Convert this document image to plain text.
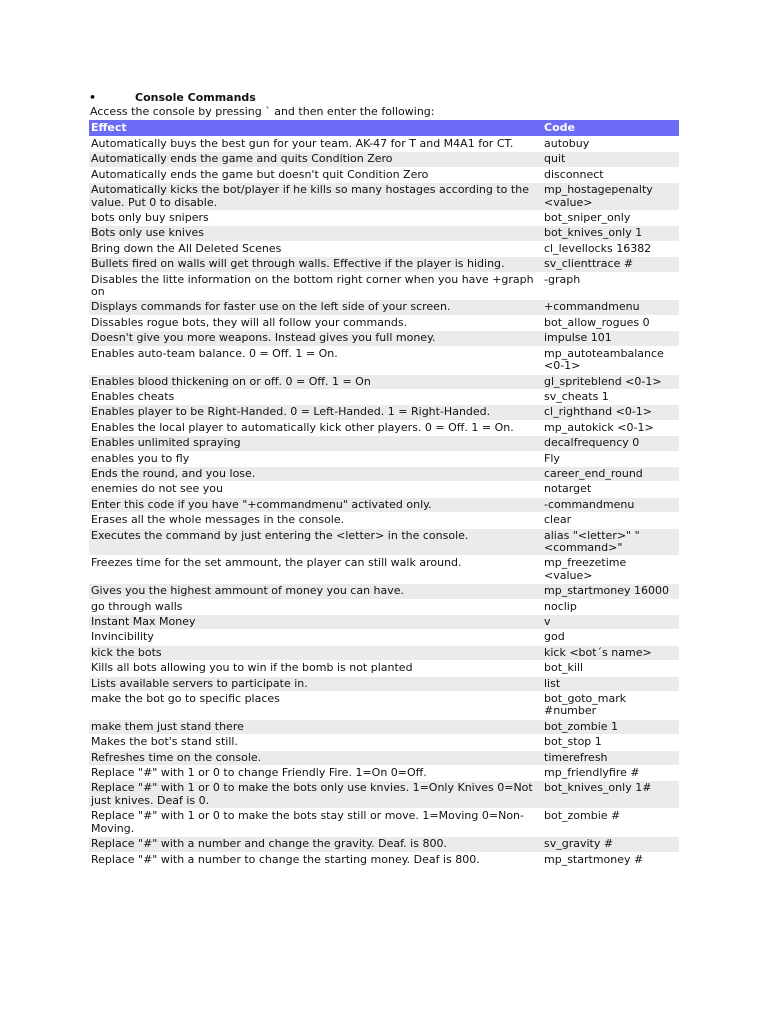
•	Console Commands
Access the console by pressing ` and then enter the following:
Effect	Code
Automatically buys the best gun for your team. AK-47 for T and M4A1 for CT.	autobuy
Automatically ends the game and quits Condition Zero	quit
Automatically ends the game but doesn't quit Condition Zero	disconnect
Automatically kicks the bot/player if he kills so many hostages according to the value. Put 0 to disable.	mp_hostagepenalty <value>
bots only buy snipers	bot_sniper_only
Bots only use knives	bot_knives_only 1
Bring down the All Deleted Scenes	cl_levellocks 16382
Bullets fired on walls will get through walls. Effective if the player is hiding.	sv_clienttrace #
Disables the litte information on the bottom right corner when you have +graph on	-graph
Displays commands for faster use on the left side of your screen.	+commandmenu
Dissables rogue bots, they will all follow your commands.	bot_allow_rogues 0
Doesn't give you more weapons. Instead gives you full money.	impulse 101
Enables auto-team balance. 0 = Off. 1 = On.	mp_autoteambalance <0-1>
Enables blood thickening on or off. 0 = Off. 1 = On	gl_spriteblend <0-1>
Enables cheats	sv_cheats 1
Enables player to be Right-Handed. 0 = Left-Handed. 1 = Right-Handed.	cl_righthand <0-1>
Enables the local player to automatically kick other players. 0 = Off. 1 = On.	mp_autokick <0-1>
Enables unlimited spraying	decalfrequency 0
enables you to fly	Fly
Ends the round, and you lose.	career_end_round
enemies do not see you	notarget
Enter this code if you have "+commandmenu" activated only.	-commandmenu
Erases all the whole messages in the console.	clear
Executes the command by just entering the <letter> in the console.	alias "<letter>" "<command>"
Freezes time for the set ammount, the player can still walk around.	mp_freezetime <value>
Gives you the highest ammount of money you can have.	mp_startmoney 16000
go through walls	noclip
Instant Max Money	v
Invincibility	god
kick the bots	kick <bot´s name>
Kills all bots allowing you to win if the bomb is not planted	bot_kill
Lists available servers to participate in.	list
make the bot go to specific places	bot_goto_mark #number
make them just stand there	bot_zombie 1
Makes the bot's stand still.	bot_stop 1
Refreshes time on the console.	timerefresh
Replace "#" with 1 or 0 to change Friendly Fire. 1=On 0=Off.	mp_friendlyfire #
Replace "#" with 1 or 0 to make the bots only use knvies. 1=Only Knives 0=Not just knives. Deaf is 0.	bot_knives_only 1#
Replace "#" with 1 or 0 to make the bots stay still or move. 1=Moving 0=Non-Moving.	bot_zombie #
Replace "#" with a number and change the gravity. Deaf. is 800.	sv_gravity #
Replace "#" with a number to change the starting money. Deaf is 800.	mp_startmoney #
